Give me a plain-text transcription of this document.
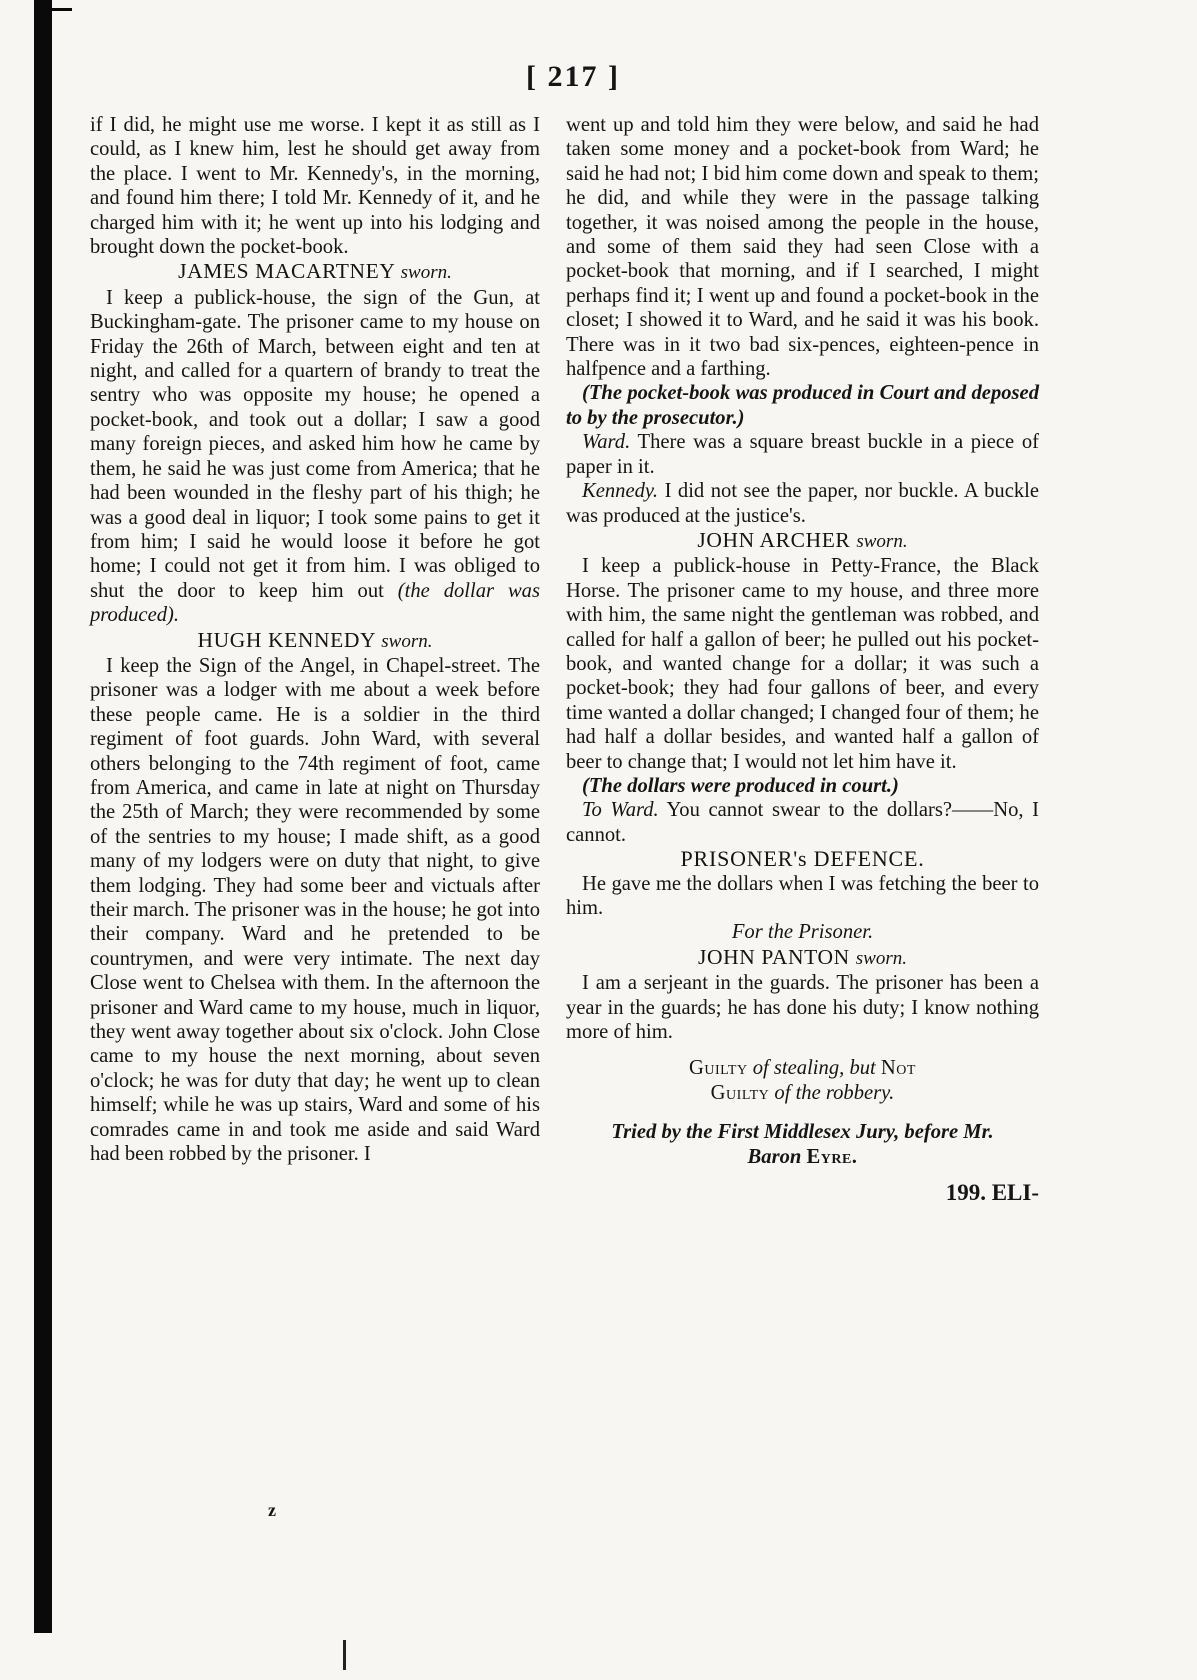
[ 217 ]

if I did, he might use me worse. I kept it as still as I could, as I knew him, lest he should get away from the place. I went to Mr. Kennedy's, in the morning, and found him there; I told Mr. Kennedy of it, and he charged him with it; he went up into his lodging and brought down the pocket-book.

JAMES MACARTNEY sworn.

I keep a publick-house, the sign of the Gun, at Buckingham-gate. The prisoner came to my house on Friday the 26th of March, between eight and ten at night, and called for a quartern of brandy to treat the sentry who was opposite my house; he opened a pocket-book, and took out a dollar; I saw a good many foreign pieces, and asked him how he came by them, he said he was just come from America; that he had been wounded in the fleshy part of his thigh; he was a good deal in liquor; I took some pains to get it from him; I said he would loose it before he got home; I could not get it from him. I was obliged to shut the door to keep him out (the dollar was produced).

HUGH KENNEDY sworn.

I keep the Sign of the Angel, in Chapel-street. The prisoner was a lodger with me about a week before these people came. He is a soldier in the third regiment of foot guards. John Ward, with several others belonging to the 74th regiment of foot, came from America, and came in late at night on Thursday the 25th of March; they were recommended by some of the sentries to my house; I made shift, as a good many of my lodgers were on duty that night, to give them lodging. They had some beer and victuals after their march. The prisoner was in the house; he got into their company. Ward and he pretended to be countrymen, and were very intimate. The next day Close went to Chelsea with them. In the afternoon the prisoner and Ward came to my house, much in liquor, they went away together about six o'clock. John Close came to my house the next morning, about seven o'clock; he was for duty that day; he went up to clean himself; while he was up stairs, Ward and some of his comrades came in and took me aside and said Ward had been robbed by the prisoner. I

z

went up and told him they were below, and said he had taken some money and a pocket-book from Ward; he said he had not; I bid him come down and speak to them; he did, and while they were in the passage talking together, it was noised among the people in the house, and some of them said they had seen Close with a pocket-book that morning, and if I searched, I might perhaps find it; I went up and found a pocket-book in the closet; I showed it to Ward, and he said it was his book. There was in it two bad six-pences, eighteen-pence in halfpence and a farthing.

(The pocket-book was produced in Court and deposed to by the prosecutor.)

Ward. There was a square breast buckle in a piece of paper in it.

Kennedy. I did not see the paper, nor buckle. A buckle was produced at the justice's.

JOHN ARCHER sworn.

I keep a publick-house in Petty-France, the Black Horse. The prisoner came to my house, and three more with him, the same night the gentleman was robbed, and called for half a gallon of beer; he pulled out his pocket-book, and wanted change for a dollar; it was such a pocket-book; they had four gallons of beer, and every time wanted a dollar changed; I changed four of them; he had half a dollar besides, and wanted half a gallon of beer to change that; I would not let him have it.

(The dollars were produced in court.)

To Ward. You cannot swear to the dollars?——No, I cannot.

PRISONER's DEFENCE.

He gave me the dollars when I was fetching the beer to him.

For the Prisoner.

JOHN PANTON sworn.

I am a serjeant in the guards. The prisoner has been a year in the guards; he has done his duty; I know nothing more of him.

Guilty of stealing, but Not
Guilty of the robbery.
Tried by the First Middlesex Jury, before Mr.
Baron Eyre.
199. ELI-
